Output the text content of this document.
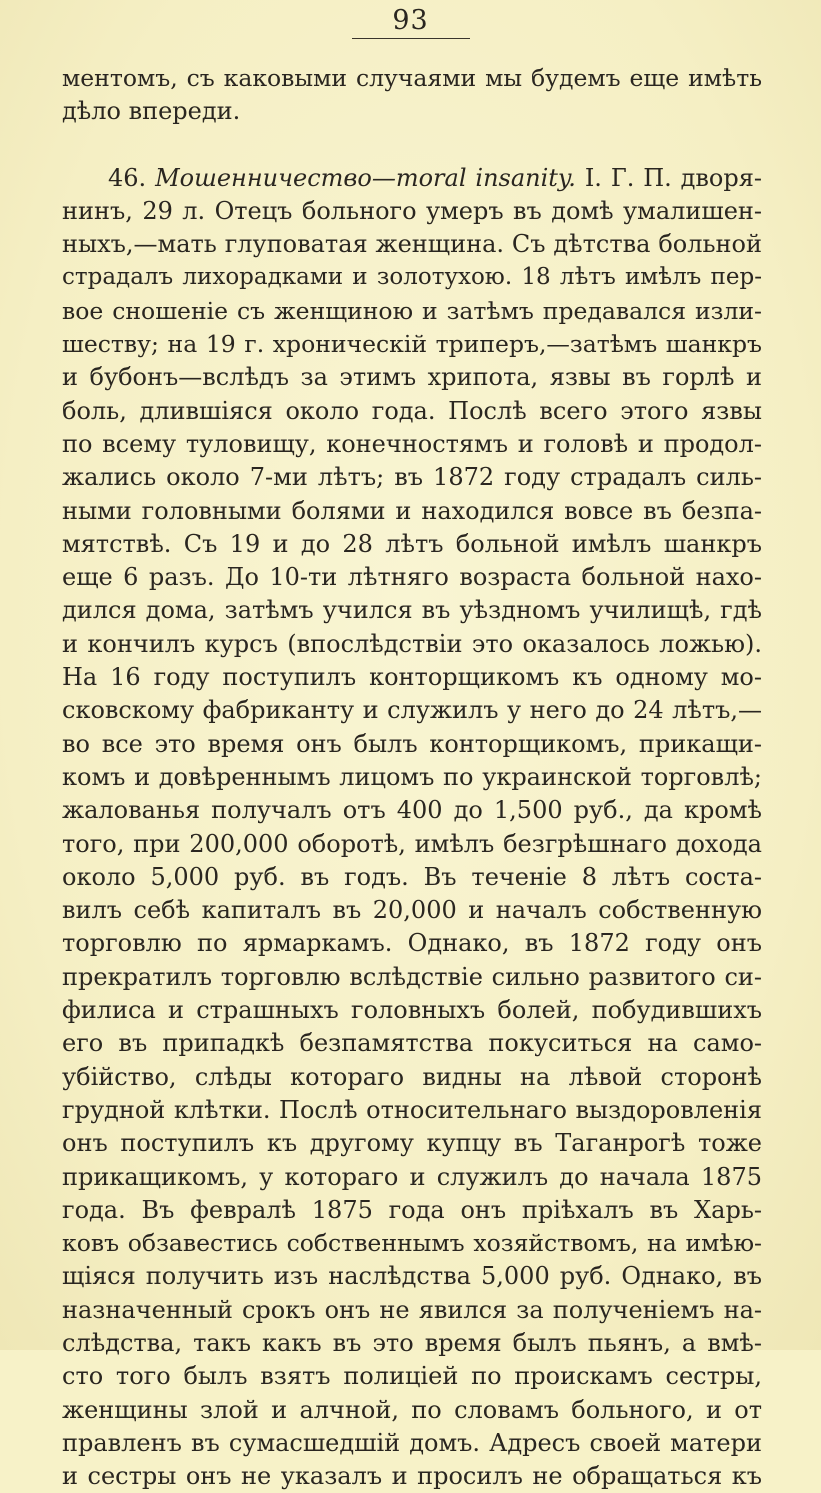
93
ментомъ, съ каковыми случаями мы будемъ еще имѣть
дѣло впереди.
46. Мошенничество—moral insanity. I. Г. П. дворя-
нинъ, 29 л. Отецъ больного умеръ въ домѣ умалишен-
ныхъ,—мать глуповатая женщина. Съ дѣтства больной
страдалъ лихорадками и золотухою. 18 лѣтъ имѣлъ пер-
вое сношеніе съ женщиною и затѣмъ предавался изли-
шеству; на 19 г. хроническій триперъ,—затѣмъ шанкръ
и бубонъ—вслѣдъ за этимъ хрипота, язвы въ горлѣ и
боль, длившіяся около года. Послѣ всего этого язвы
по всему туловищу, конечностямъ и головѣ и продол-
жались около 7-ми лѣтъ; въ 1872 году страдалъ силь-
ными головными болями и находился вовсе въ безпа-
мятствѣ. Съ 19 и до 28 лѣтъ больной имѣлъ шанкръ
еще 6 разъ. До 10-ти лѣтняго возраста больной нахо-
дился дома, затѣмъ учился въ уѣздномъ училищѣ, гдѣ
и кончилъ курсъ (впослѣдствіи это оказалось ложью).
На 16 году поступилъ конторщикомъ къ одному мо-
сковскому фабриканту и служилъ у него до 24 лѣтъ,—
во все это время онъ былъ конторщикомъ, прикащи-
комъ и довѣреннымъ лицомъ по украинской торговлѣ;
жалованья получалъ отъ 400 до 1,500 руб., да кромѣ
того, при 200,000 оборотѣ, имѣлъ безгрѣшнаго дохода
около 5,000 руб. въ годъ. Въ теченіе 8 лѣтъ соста-
вилъ себѣ капиталъ въ 20,000 и началъ собственную
торговлю по ярмаркамъ. Однако, въ 1872 году онъ
прекратилъ торговлю вслѣдствіе сильно развитого си-
филиса и страшныхъ головныхъ болей, побудившихъ
его въ припадкѣ безпамятства покуситься на само-
убійство, слѣды котораго видны на лѣвой сторонѣ
грудной клѣтки. Послѣ относительнаго выздоровленія
онъ поступилъ къ другому купцу въ Таганрогѣ тоже
прикащикомъ, у котораго и служилъ до начала 1875
года. Въ февралѣ 1875 года онъ пріѣхалъ въ Харь-
ковъ обзавестись собственнымъ хозяйствомъ, на имѣю-
щіяся получить изъ наслѣдства 5,000 руб. Однако, въ
назначенный срокъ онъ не явился за полученіемъ на-
слѣдства, такъ какъ въ это время былъ пьянъ, а вмѣ-
сто того былъ взятъ полиціей по проискамъ сестры,
женщины злой и алчной, по словамъ больного, и от
правленъ въ сумасшедшій домъ. Адресъ своей матери
и сестры онъ не указалъ и просилъ не обращаться къ
